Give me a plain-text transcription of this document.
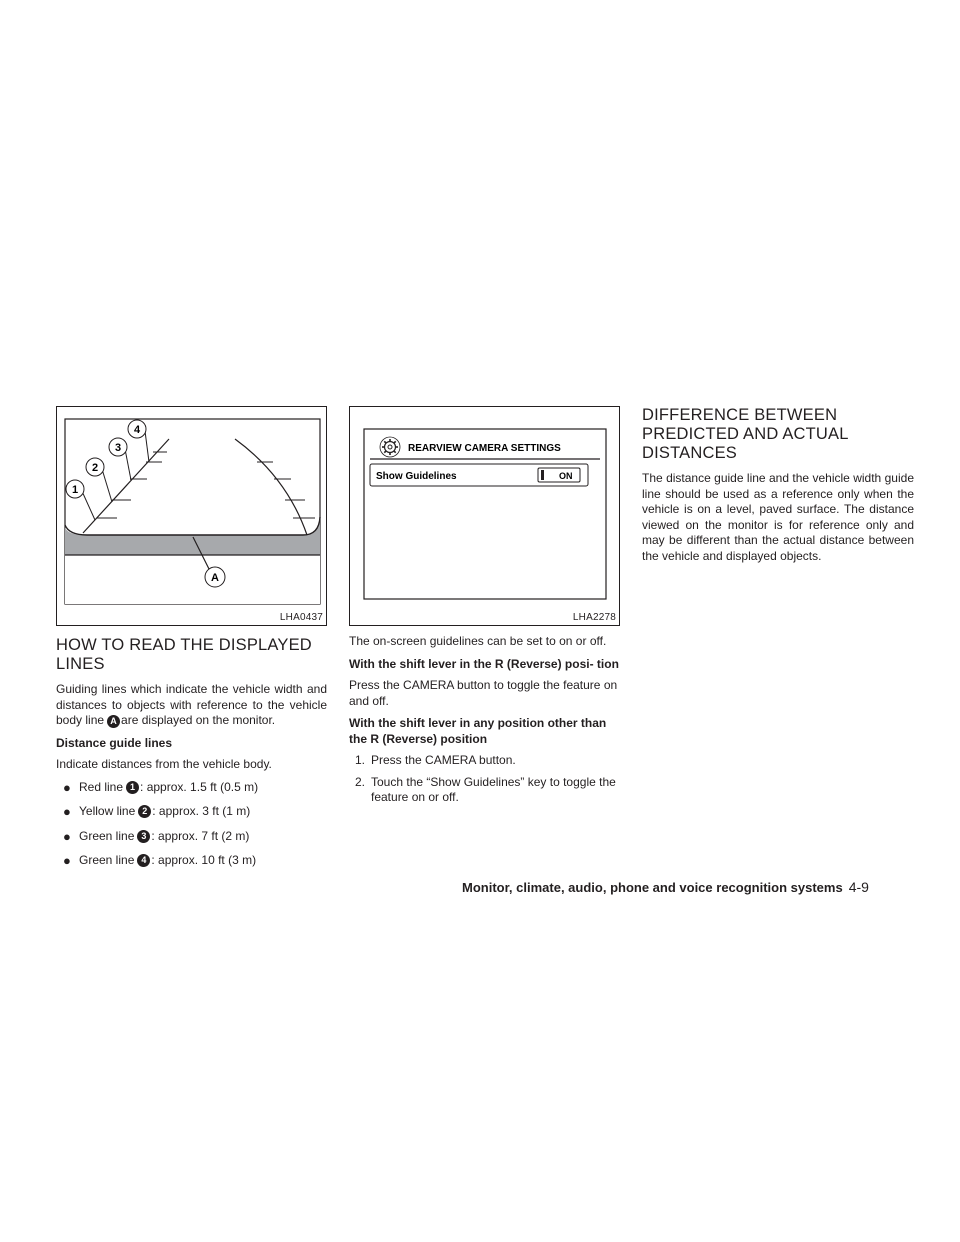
1
2
3
4
A
LHA0437
HOW TO READ THE DISPLAYED
LINES

Guiding lines which indicate the vehicle width and distances to objects with reference to the vehicle body line A are displayed on the monitor.

Distance guide lines

Indicate distances from the vehicle body.

● Red line 1 : approx. 1.5 ft (0.5 m)
● Yellow line 2 : approx. 3 ft (1 m)
● Green line 3 : approx. 7 ft (2 m)
● Green line 4 : approx. 10 ft (3 m)
REARVIEW CAMERA SETTINGS
Show Guidelines	ON
LHA2278

The on-screen guidelines can be set to on or off.

With the shift lever in the R (Reverse) posi- tion

Press the CAMERA button to toggle the feature on and off.

With the shift lever in any position other than the R (Reverse) position
1. Press the CAMERA button.
2. Touch the “Show Guidelines” key to toggle the feature on or off.
DIFFERENCE BETWEEN
PREDICTED AND ACTUAL
DISTANCES

The distance guide line and the vehicle width guide line should be used as a reference only when the vehicle is on a level, paved surface. The distance viewed on the monitor is for reference only and may be different than the actual distance between the vehicle and displayed objects.

Monitor, climate, audio, phone and voice recognition systems 4-9
